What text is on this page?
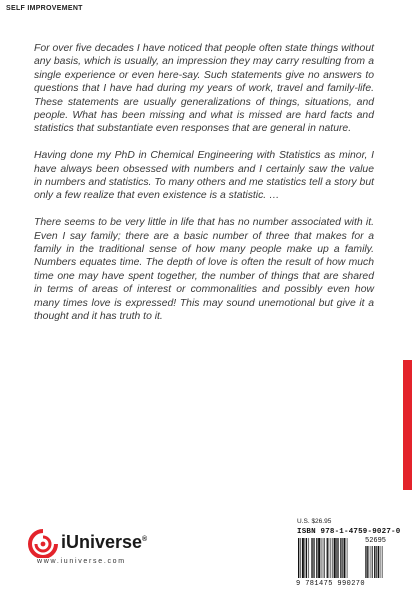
SELF IMPROVEMENT

For over five decades I have noticed that people often state things without any basis, which is usually, an impression they may carry resulting from a single experience or even here-say. Such statements give no answers to questions that I have had during my years of work, travel and family-life. These statements are usually generalizations of things, situations, and people. What has been missing and what is missed are hard facts and statistics that substantiate even responses that are general in nature.

Having done my PhD in Chemical Engineering with Statistics as minor, I have always been obsessed with numbers and I certainly saw the value in numbers and statistics. To many others and me statistics tell a story but only a few realize that even existence is a statistic. …

There seems to be very little in life that has no number associated with it. Even I say family; there are a basic number of three that makes for a family in the traditional sense of how many people make up a family. Numbers equates time. The depth of love is often the result of how much time one may have spent together, the number of things that are shared in terms of areas of interest or commonalities and possibly even how many times love is expressed! This may sound unemotional but give it a thought and it has truth to it.

iUniverse®
www.iuniverse.com
U.S. $26.95
ISBN 978-1-4759-9027-0
52695
9 781475 990270
